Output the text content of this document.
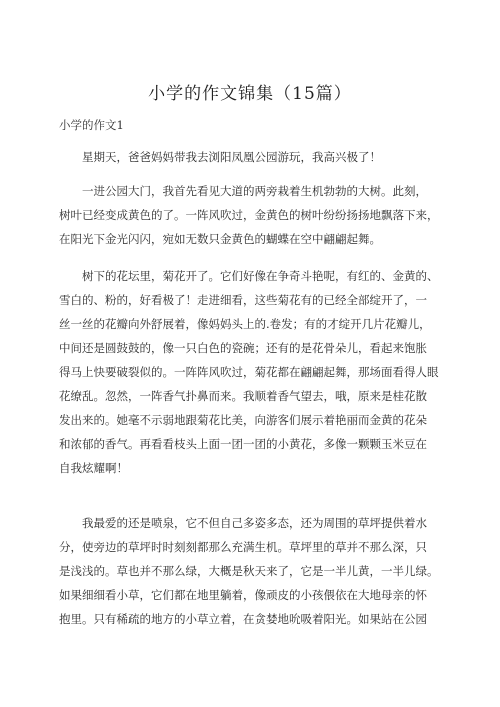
小学的作文锦集（15篇）
小学的作文1
　　星期天，爸爸妈妈带我去浏阳凤凰公园游玩，我高兴极了！
　　一进公园大门，我首先看见大道的两旁栽着生机勃勃的大树。此刻，
树叶已经变成黄色的了。一阵风吹过，金黄色的树叶纷纷扬扬地飘落下来，
在阳光下金光闪闪，宛如无数只金黄色的蝴蝶在空中翩翩起舞。
　　树下的花坛里，菊花开了。它们好像在争奇斗艳呢，有红的、金黄的、
雪白的、粉的，好看极了！走进细看，这些菊花有的已经全部绽开了，一
丝一丝的花瓣向外舒展着，像妈妈头上的.卷发；有的才绽开几片花瓣儿，
中间还是圆鼓鼓的，像一只白色的瓷碗；还有的是花骨朵儿，看起来饱胀
得马上快要破裂似的。一阵阵风吹过，菊花都在翩翩起舞，那场面看得人眼
花缭乱。忽然，一阵香气扑鼻而来。我顺着香气望去，哦，原来是桂花散
发出来的。她毫不示弱地跟菊花比美，向游客们展示着艳丽而金黄的花朵
和浓郁的香气。再看看枝头上面一团一团的小黄花，多像一颗颗玉米豆在
自我炫耀啊！
　　我最爱的还是喷泉，它不但自己多姿多态，还为周围的草坪提供着水
分，使旁边的草坪时时刻刻都那么充满生机。草坪里的草并不那么深，只
是浅浅的。草也并不那么绿，大概是秋天来了，它是一半儿黄，一半儿绿。
如果细细看小草，它们都在地里躺着，像顽皮的小孩偎依在大地母亲的怀
抱里。只有稀疏的地方的小草立着，在贪婪地吮吸着阳光。如果站在公园
